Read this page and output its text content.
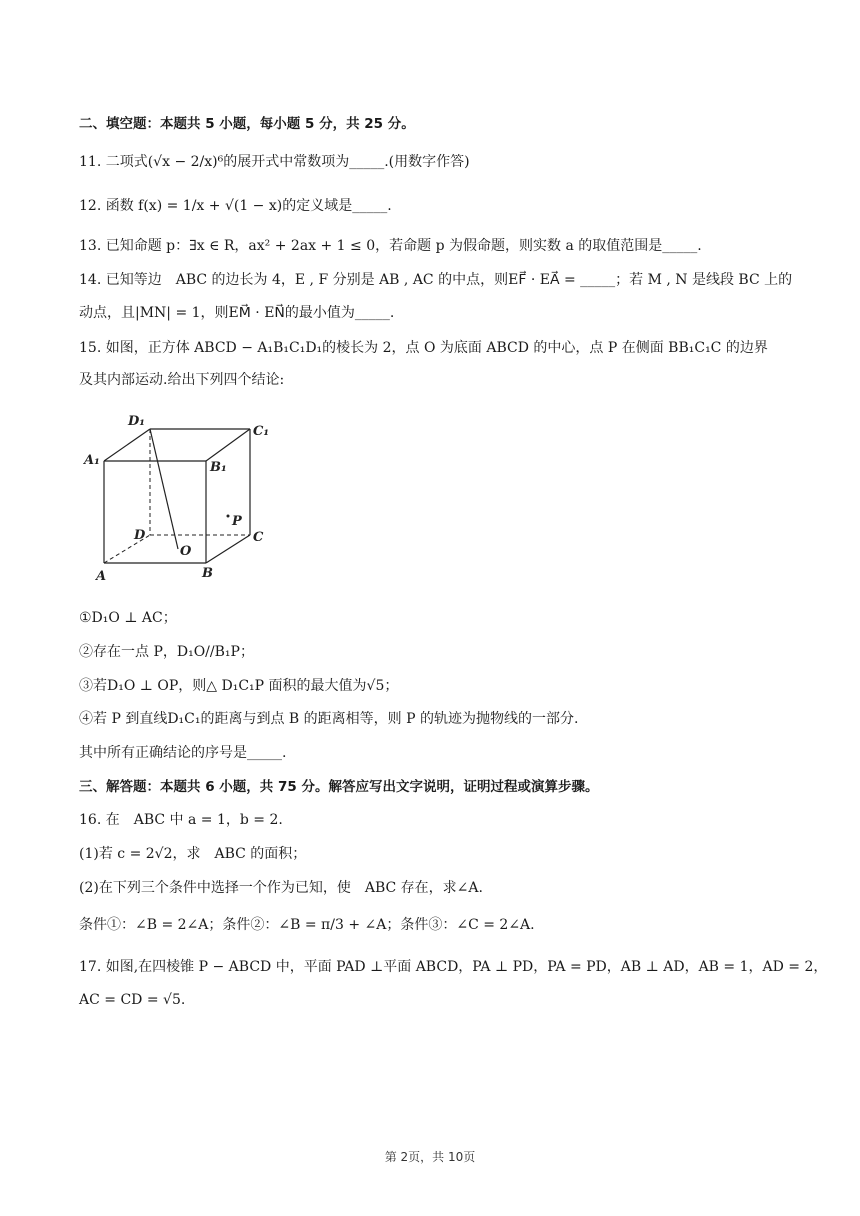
二、填空题：本题共 5 小题，每小题 5 分，共 25 分。
11. 二项式(√x − 2/x)⁶的展开式中常数项为_____.(用数字作答)
12. 函数 f(x) = 1/x + √(1 − x)的定义域是_____.
13. 已知命题 p：∃x ∈ R，ax² + 2ax + 1 ≤ 0，若命题 p 为假命题，则实数 a 的取值范围是_____.
14. 已知等边　ABC 的边长为 4，E , F 分别是 AB , AC 的中点，则EF⃗ · EA⃗ = _____；若 M , N 是线段 BC 上的
动点，且|MN| = 1，则EM⃗ · EN⃗的最小值为_____.
15. 如图，正方体 ABCD − A₁B₁C₁D₁的棱长为 2，点 O 为底面 ABCD 的中心，点 P 在侧面 BB₁C₁C 的边界
及其内部运动.给出下列四个结论:
D₁
C₁
A₁	B₁
D	C
A	B
O
P
①D₁O ⊥ AC；
②存在一点 P，D₁O//B₁P；
③若D₁O ⊥ OP，则△ D₁C₁P 面积的最大值为√5；
④若 P 到直线D₁C₁的距离与到点 B 的距离相等，则 P 的轨迹为抛物线的一部分.
其中所有正确结论的序号是_____.
三、解答题：本题共 6 小题，共 75 分。解答应写出文字说明，证明过程或演算步骤。
16. 在　ABC 中 a = 1，b = 2.
(1)若 c = 2√2，求　ABC 的面积；
(2)在下列三个条件中选择一个作为已知，使　ABC 存在，求∠A.
条件①：∠B = 2∠A；条件②：∠B = π/3 + ∠A；条件③：∠C = 2∠A.
17. 如图,在四棱锥 P − ABCD 中，平面 PAD ⊥平面 ABCD，PA ⊥ PD，PA = PD，AB ⊥ AD，AB = 1，AD = 2，
AC = CD = √5.
第 2页，共 10页
